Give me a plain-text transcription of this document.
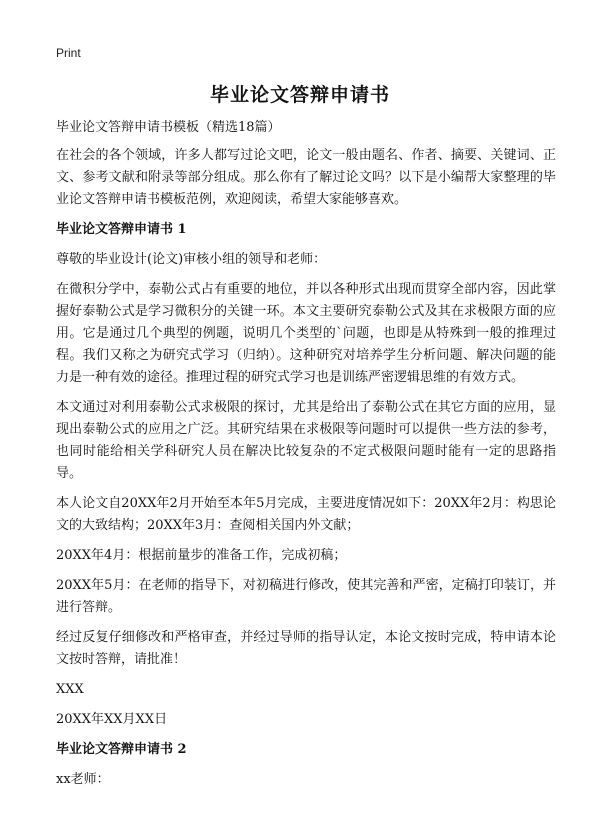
Print
毕业论文答辩申请书

毕业论文答辩申请书模板（精选18篇）

在社会的各个领域，许多人都写过论文吧，论文一般由题名、作者、摘要、关键词、正文、参考文献和附录等部分组成。那么你有了解过论文吗？以下是小编帮大家整理的毕业论文答辩申请书模板范例，欢迎阅读，希望大家能够喜欢。

毕业论文答辩申请书 1

尊敬的毕业设计(论文)审核小组的领导和老师：

在微积分学中，泰勒公式占有重要的地位，并以各种形式出现而贯穿全部内容，因此掌握好泰勒公式是学习微积分的关键一环。本文主要研究泰勒公式及其在求极限方面的应用。它是通过几个典型的例题，说明几个类型的`问题，也即是从特殊到一般的推理过程。我们又称之为研究式学习（归纳）。这种研究对培养学生分析问题、解决问题的能力是一种有效的途径。推理过程的研究式学习也是训练严密逻辑思维的有效方式。

本文通过对利用泰勒公式求极限的探讨，尤其是给出了泰勒公式在其它方面的应用，显现出泰勒公式的应用之广泛。其研究结果在求极限等问题时可以提供一些方法的参考，也同时能给相关学科研究人员在解决比较复杂的不定式极限问题时能有一定的思路指导。

本人论文自20XX年2月开始至本年5月完成，主要进度情况如下：20XX年2月：构思论文的大致结构；20XX年3月：查阅相关国内外文献；

20XX年4月：根据前量步的准备工作，完成初稿；

20XX年5月：在老师的指导下，对初稿进行修改，使其完善和严密，定稿打印装订，并进行答辩。

经过反复仔细修改和严格审查，并经过导师的指导认定，本论文按时完成，特申请本论文按时答辩，请批准！

XXX

20XX年XX月XX日

毕业论文答辩申请书 2

xx老师：
